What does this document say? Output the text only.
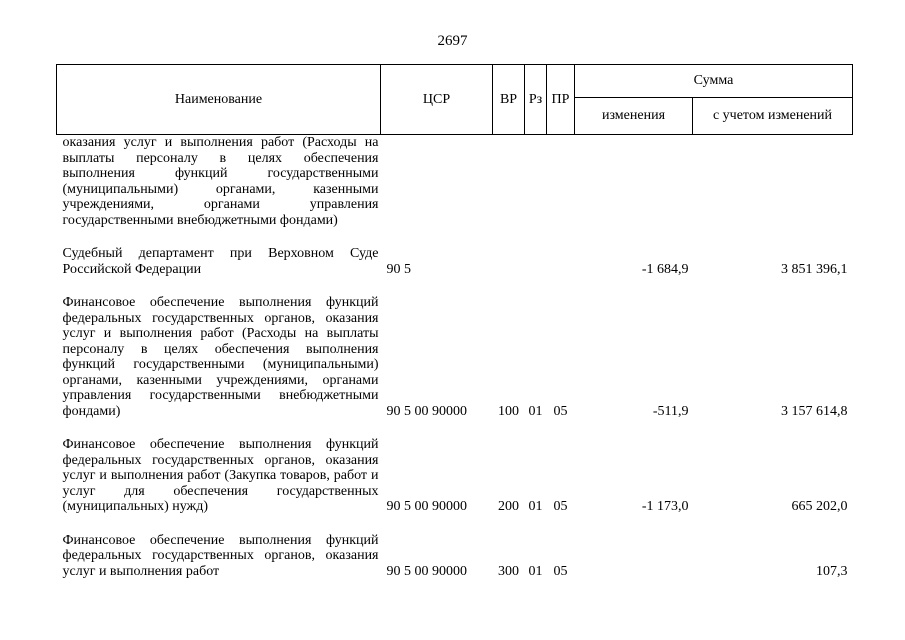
2697
Наименование	ЦСР	ВР	Рз	ПР	Сумма	
					изменения	с учетом изменений
оказания услуг и выполнения работ (Расходы на выплаты персоналу в целях обеспечения выполнения функций государственными (муниципальными) органами, казенными учреждениями, органами управления государственными внебюджетными фондами)						

Судебный департамент при Верховном Суде Российской Федерации	90 5				-1 684,9	3 851 396,1

Финансовое обеспечение выполнения функций федеральных государственных органов, оказания услуг и выполнения работ (Расходы на выплаты персоналу в целях обеспечения выполнения функций государственными (муниципальными) органами, казенными учреждениями, органами управления государственными внебюджетными фондами)	90 5 00 90000	100	01	05	-511,9	3 157 614,8

Финансовое обеспечение выполнения функций федеральных государственных органов, оказания услуг и выполнения работ (Закупка товаров, работ и услуг для обеспечения государственных (муниципальных) нужд)	90 5 00 90000	200	01	05	-1 173,0	665 202,0

Финансовое обеспечение выполнения функций федеральных государственных органов, оказания услуг и выполнения работ	90 5 00 90000	300	01	05		107,3
